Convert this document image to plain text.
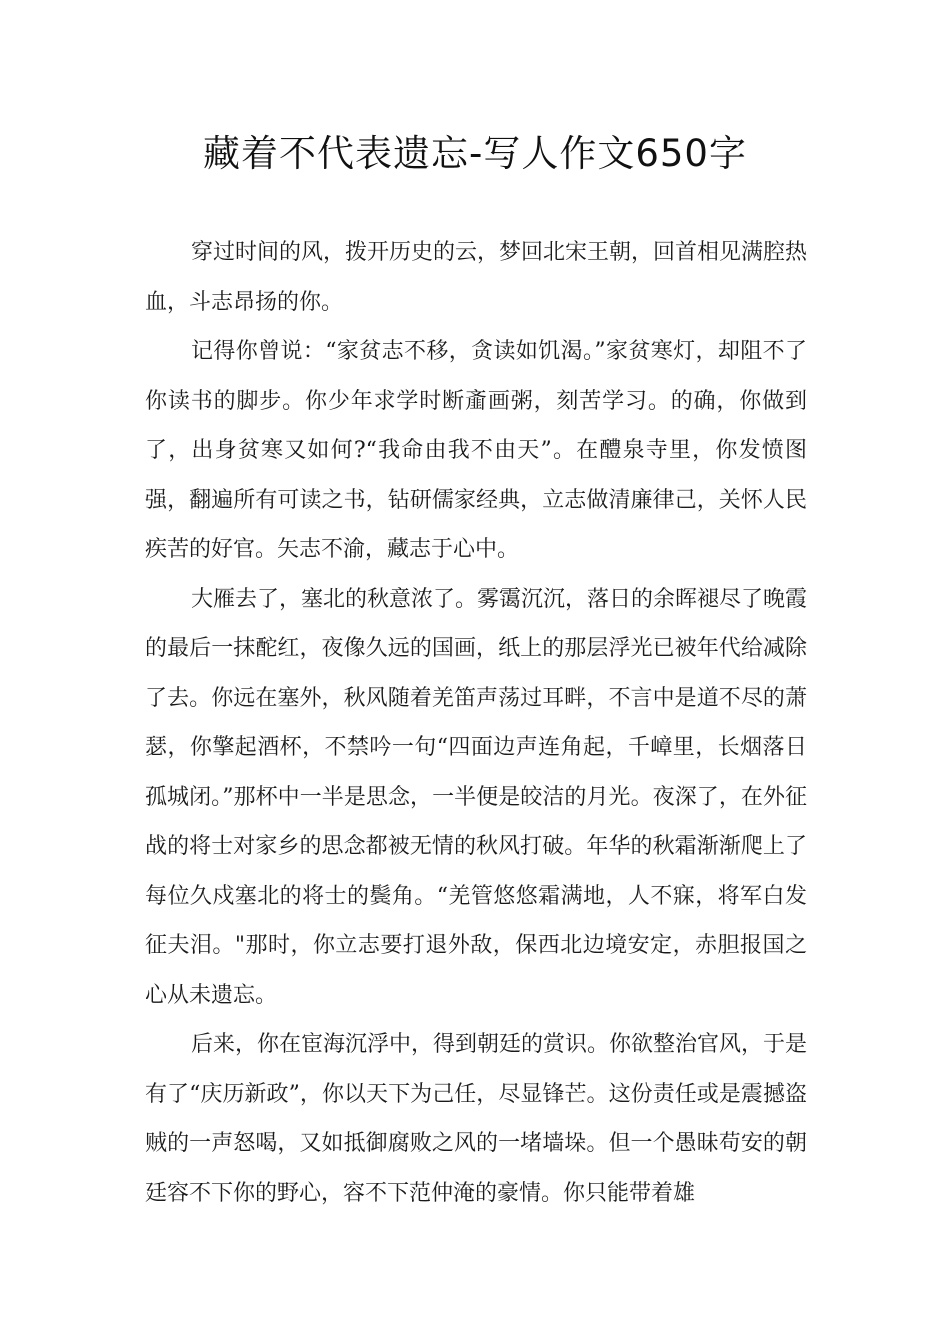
藏着不代表遗忘-写人作文650字

穿过时间的风，拨开历史的云，梦回北宋王朝，回首相见满腔热血，斗志昂扬的你。

记得你曾说：“家贫志不移，贪读如饥渴。”家贫寒灯，却阻不了你读书的脚步。你少年求学时断齑画粥，刻苦学习。的确，你做到了，出身贫寒又如何?“我命由我不由天”。在醴泉寺里，你发愤图强，翻遍所有可读之书，钻研儒家经典，立志做清廉律己，关怀人民疾苦的好官。矢志不渝，藏志于心中。

大雁去了，塞北的秋意浓了。雾霭沉沉，落日的余晖褪尽了晚霞的最后一抹酡红，夜像久远的国画，纸上的那层浮光已被年代给减除了去。你远在塞外，秋风随着羌笛声荡过耳畔，不言中是道不尽的萧瑟，你擎起酒杯，不禁吟一句“四面边声连角起，千嶂里，长烟落日孤城闭。”那杯中一半是思念，一半便是皎洁的月光。夜深了，在外征战的将士对家乡的思念都被无情的秋风打破。年华的秋霜渐渐爬上了每位久戍塞北的将士的鬓角。“羌管悠悠霜满地，人不寐，将军白发征夫泪。"那时，你立志要打退外敌，保西北边境安定，赤胆报国之心从未遗忘。

后来，你在宦海沉浮中，得到朝廷的赏识。你欲整治官风，于是有了“庆历新政”，你以天下为己任，尽显锋芒。这份责任或是震撼盗贼的一声怒喝，又如抵御腐败之风的一堵墙垛。但一个愚昧苟安的朝廷容不下你的野心，容不下范仲淹的豪情。你只能带着雄
